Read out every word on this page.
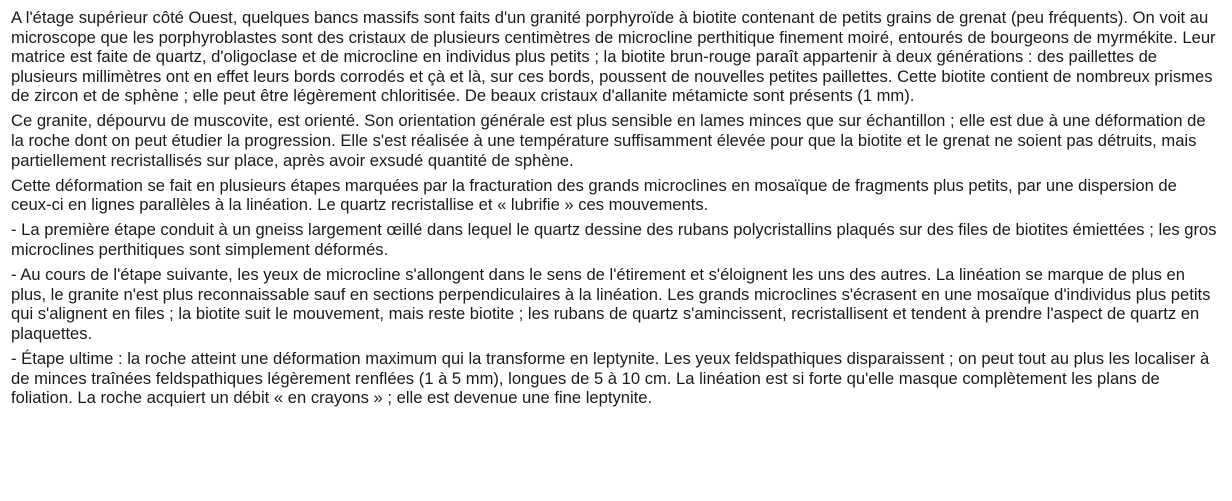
A l'étage supérieur côté Ouest, quelques bancs massifs sont faits d'un granité porphyroïde à biotite contenant de petits grains de grenat (peu fréquents). On voit au microscope que les porphyroblastes sont des cristaux de plusieurs centimètres de microcline perthitique finement moiré, entourés de bourgeons de myrmékite. Leur matrice est faite de quartz, d'oligoclase et de microcline en individus plus petits ; la biotite brun-rouge paraît appartenir à deux générations : des paillettes de plusieurs millimètres ont en effet leurs bords corrodés et çà et là, sur ces bords, poussent de nouvelles petites paillettes. Cette biotite contient de nombreux prismes de zircon et de sphène ; elle peut être légèrement chloritisée. De beaux cristaux d'allanite métamicte sont présents (1 mm).

Ce granite, dépourvu de muscovite, est orienté. Son orientation générale est plus sensible en lames minces que sur échantillon ; elle est due à une déformation de la roche dont on peut étudier la progression. Elle s'est réalisée à une température suffisamment élevée pour que la biotite et le grenat ne soient pas détruits, mais partiellement recristallisés sur place, après avoir exsudé quantité de sphène.

Cette déformation se fait en plusieurs étapes marquées par la fracturation des grands microclines en mosaïque de fragments plus petits, par une dispersion de ceux-ci en lignes parallèles à la linéation. Le quartz recristallise et « lubrifie » ces mouvements.

- La première étape conduit à un gneiss largement œillé dans lequel le quartz dessine des rubans polycristallins plaqués sur des files de biotites émiettées ; les gros microclines perthitiques sont simplement déformés.

- Au cours de l'étape suivante, les yeux de microcline s'allongent dans le sens de l'étirement et s'éloignent les uns des autres. La linéation se marque de plus en plus, le granite n'est plus reconnaissable sauf en sections perpendiculaires à la linéation. Les grands microclines s'écrasent en une mosaïque d'individus plus petits qui s'alignent en files ; la biotite suit le mouvement, mais reste biotite ; les rubans de quartz s'amincissent, recristallisent et tendent à prendre l'aspect de quartz en plaquettes.

- Étape ultime : la roche atteint une déformation maximum qui la transforme en leptynite. Les yeux feldspathiques disparaissent ; on peut tout au plus les localiser à de minces traînées feldspathiques légèrement renflées (1 à 5 mm), longues de 5 à 10 cm. La linéation est si forte qu'elle masque complètement les plans de foliation. La roche acquiert un débit « en crayons » ; elle est devenue une fine leptynite.
